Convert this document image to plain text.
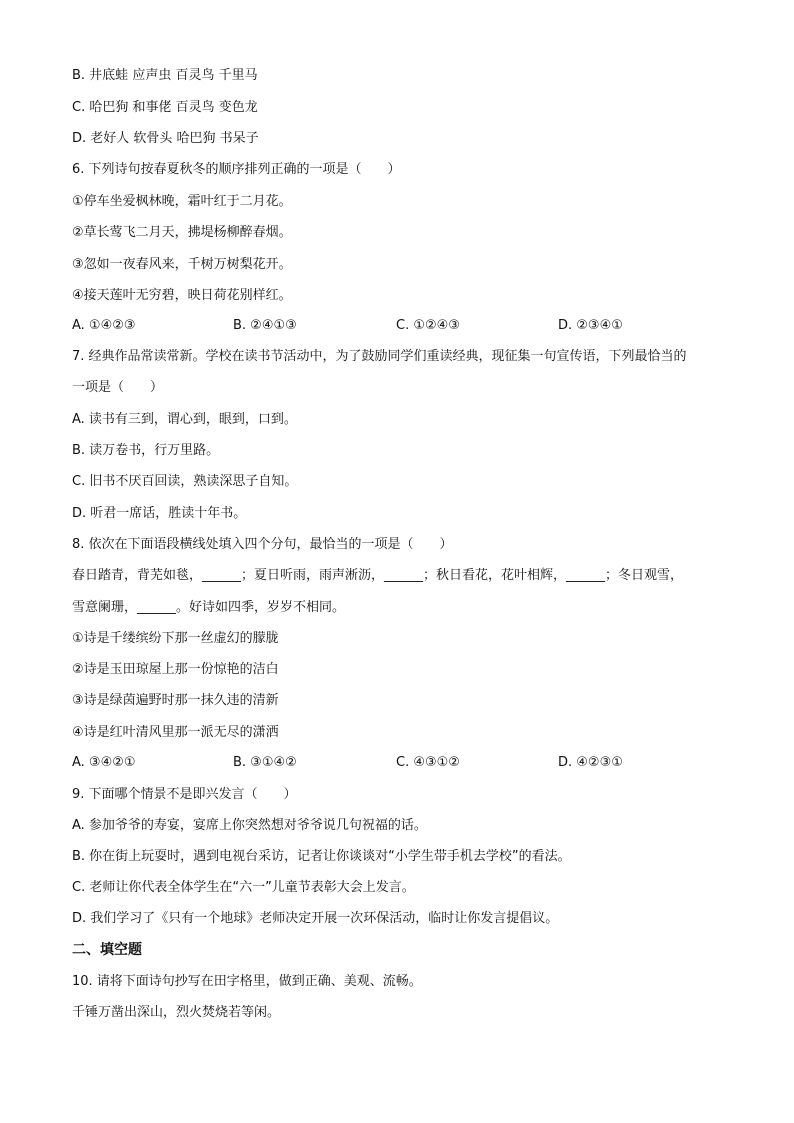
B. 井底蛙 应声虫 百灵鸟 千里马
C. 哈巴狗 和事佬 百灵鸟 变色龙
D. 老好人 软骨头 哈巴狗 书呆子
6. 下列诗句按春夏秋冬的顺序排列正确的一项是（　　）
①停车坐爱枫林晚，霜叶红于二月花。
②草长莺飞二月天，拂堤杨柳醉春烟。
③忽如一夜春风来，千树万树梨花开。
④接天莲叶无穷碧，映日荷花别样红。
A. ①④②③	B. ②④①③	C. ①②④③	D. ②③④①
7. 经典作品常读常新。学校在读书节活动中，为了鼓励同学们重读经典，现征集一句宣传语，下列最恰当的
一项是（　　）
A. 读书有三到，谓心到，眼到，口到。
B. 读万卷书，行万里路。
C. 旧书不厌百回读，熟读深思子自知。
D. 听君一席话，胜读十年书。
8. 依次在下面语段横线处填入四个分句，最恰当的一项是（　　）
春日踏青，背芜如毯，______；夏日听雨，雨声淅沥，______；秋日看花，花叶相辉，______；冬日观雪，
雪意阑珊，______。好诗如四季，岁岁不相同。
①诗是千缕缤纷下那一丝虚幻的朦胧
②诗是玉田琼屋上那一份惊艳的洁白
③诗是绿茵遍野时那一抹久违的清新
④诗是红叶清风里那一派无尽的潇洒
A. ③④②①	B. ③①④②	C. ④③①②	D. ④②③①
9. 下面哪个情景不是即兴发言（　　）
A. 参加爷爷的寿宴，宴席上你突然想对爷爷说几句祝福的话。
B. 你在街上玩耍时，遇到电视台采访，记者让你谈谈对“小学生带手机去学校”的看法。
C. 老师让你代表全体学生在“六一”儿童节表彰大会上发言。
D. 我们学习了《只有一个地球》老师决定开展一次环保活动，临时让你发言提倡议。
二、填空题
10. 请将下面诗句抄写在田字格里，做到正确、美观、流畅。
千锤万凿出深山，烈火焚烧若等闲。
